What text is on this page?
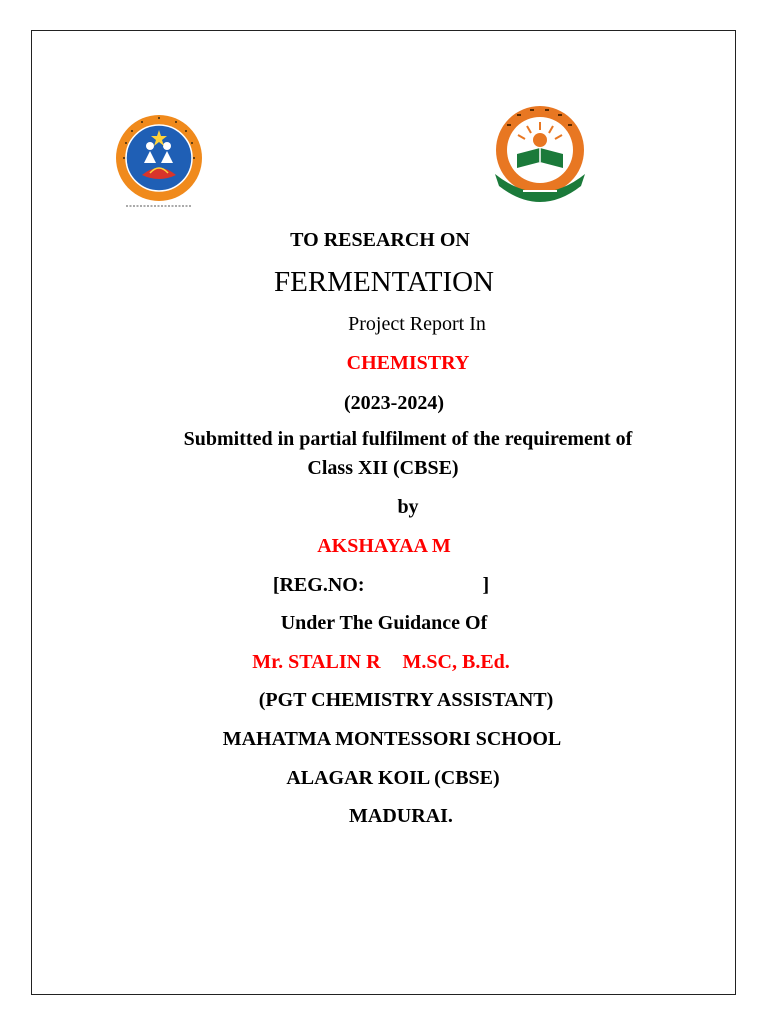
TO RESEARCH ON
FERMENTATION
Project Report In
CHEMISTRY
(2023-2024)
Submitted in partial fulfilment of the requirement of
Class XII (CBSE)
by
AKSHAYAA M
[REG.NO:	]
Under The Guidance Of
Mr. STALIN R M.SC, B.Ed.
(PGT CHEMISTRY ASSISTANT)
MAHATMA MONTESSORI SCHOOL
ALAGAR KOIL (CBSE)
MADURAI.
